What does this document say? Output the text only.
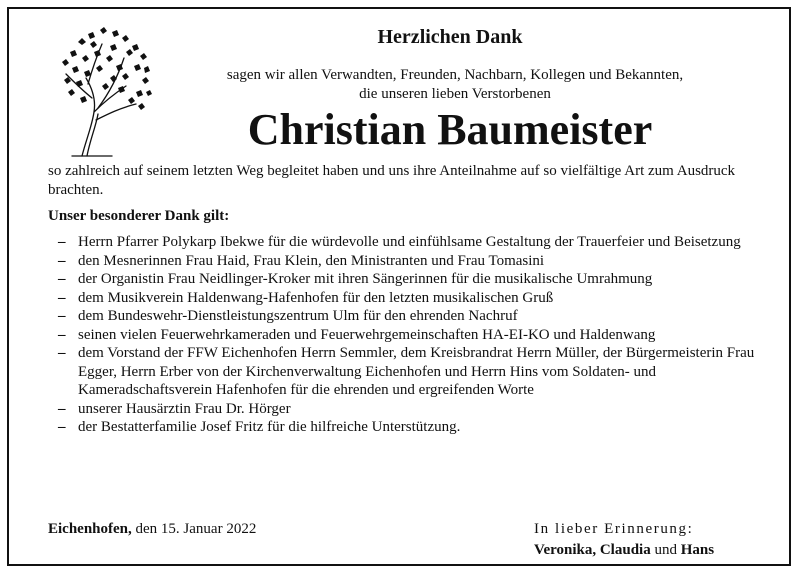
Herzlichen Dank
sagen wir allen Verwandten, Freunden, Nachbarn, Kollegen und Bekannten,
die unseren lieben Verstorbenen
Christian Baumeister
so zahlreich auf seinem letzten Weg begleitet haben und uns ihre Anteilnahme auf so vielfältige Art zum Ausdruck brachten.
Unser besonderer Dank gilt:
– Herrn Pfarrer Polykarp Ibekwe für die würdevolle und einfühlsame Gestaltung der Trauerfeier und Beisetzung
– den Mesnerinnen Frau Haid, Frau Klein, den Ministranten und Frau Tomasini
– der Organistin Frau Neidlinger-Kroker mit ihren Sängerinnen für die musikalische Umrahmung
– dem Musikverein Haldenwang-Hafenhofen für den letzten musikalischen Gruß
– dem Bundeswehr-Dienstleistungszentrum Ulm für den ehrenden Nachruf
– seinen vielen Feuerwehrkameraden und Feuerwehrgemeinschaften HA-EI-KO und Haldenwang
– dem Vorstand der FFW Eichenhofen Herrn Semmler, dem Kreisbrandrat Herrn Müller, der Bürgermeisterin Frau Egger, Herrn Erber von der Kirchenverwaltung Eichenhofen und Herrn Hins vom Soldaten- und Kameradschaftsverein Hafenhofen für die ehrenden und ergreifenden Worte
– unserer Hausärztin Frau Dr. Hörger
– der Bestatterfamilie Josef Fritz für die hilfreiche Unterstützung.
Eichenhofen, den 15. Januar 2022	In lieber Erinnerung:
Veronika, Claudia und Hans
